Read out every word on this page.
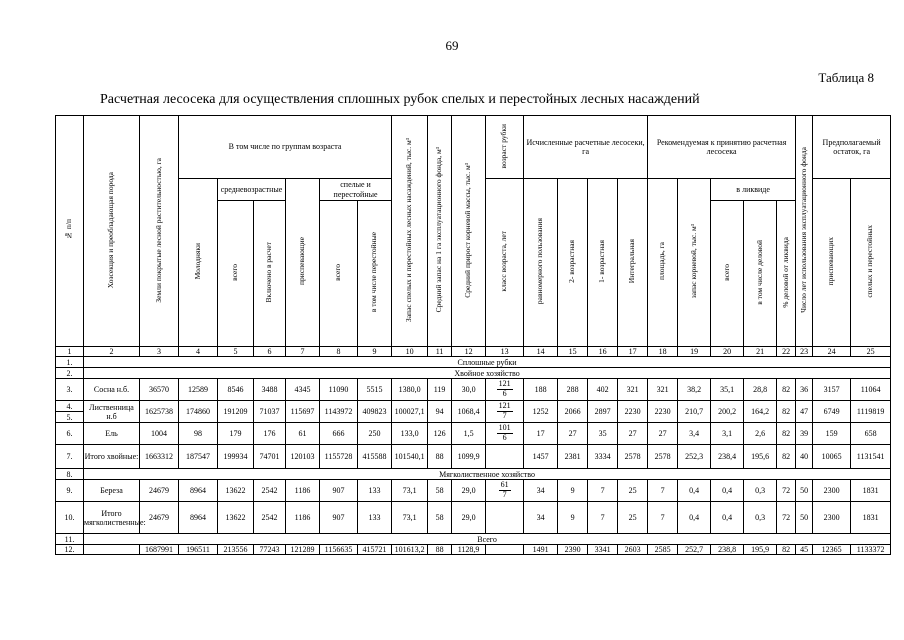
69
Таблица 8
Расчетная лесосека для осуществления сплошных рубок спелых и перестойных лесных насаждений
№ п/п	Хозсекция и преобладающая порода	Земли покрытые лесной растительностью, га	В том числе по группам возраста						Запас спелых и перестойных лесных насаждений, тыс. м³	Средний запас на 1 га эксплуатационного фонда, м³	Средний прирост корневой массы, тыс. м³	возраст рубки	Исчисленные расчетные лесосеки, га				Рекомендуемая к принятию расчетная лесосека					Число лет использования эксплуатационного фонда	Предполагаемый остаток, га	
			Молодняки	средневозрастные		приспевающие	спелые и перестойные					класс возраста, лет	равномерного пользования	2- возрастная	1- возрастная	Интегральная	площадь, га	запас корневой, тыс. м³	в ликвиде				приспевающих	спелых и перестойных
				всего	Включено в расчет		всего	в том числе перестойные											всего	в том числе деловой	% деловой от ликвида			
1	2	3	4	5	6	7	8	9	10	11	12	13	14	15	16	17	18	19	20	21	22	23	24	25
1.	Сплошные рубки																							
2.	Хвойное хозяйство																							
3.	Сосна н.б.	36570	12589	8546	3488	4345	11090	5515	1380,0	119	30,0	$\frac{121}{6}$	188	288	402	321	321	38,2	35,1	28,8	82	36	3157	11064
4.	Лиственница н.б	1625738	174860	191209	71037	115697	1143972	409823	100027,1	94	1068,4	$\frac{121}{7}$	1252	2066	2897	2230	2230	210,7	200,2	164,2	82	47	6749	1119819
5.																								
6.	Ель	1004	98	179	176	61	666	250	133,0	126	1,5	$\frac{101}{6}$	17	27	35	27	27	3,4	3,1	2,6	82	39	159	658
7.	Итого хвойные:	1663312	187547	199934	74701	120103	1155728	415588	101540,1	88	1099,9		1457	2381	3334	2578	2578	252,3	238,4	195,6	82	40	10065	1131541
8.	Мягколиственное хозяйство																							
9.	Береза	24679	8964	13622	2542	1186	907	133	73,1	58	29,0	$\frac{61}{7}$	34	9	7	25	7	0,4	0,4	0,3	72	50	2300	1831
10.	Итого мягколиственные:	24679	8964	13622	2542	1186	907	133	73,1	58	29,0		34	9	7	25	7	0,4	0,4	0,3	72	50	2300	1831
11.	Всего																							
12.		1687991	196511	213556	77243	121289	1156635	415721	101613,2	88	1128,9		1491	2390	3341	2603	2585	252,7	238,8	195,9	82	45	12365	1133372
